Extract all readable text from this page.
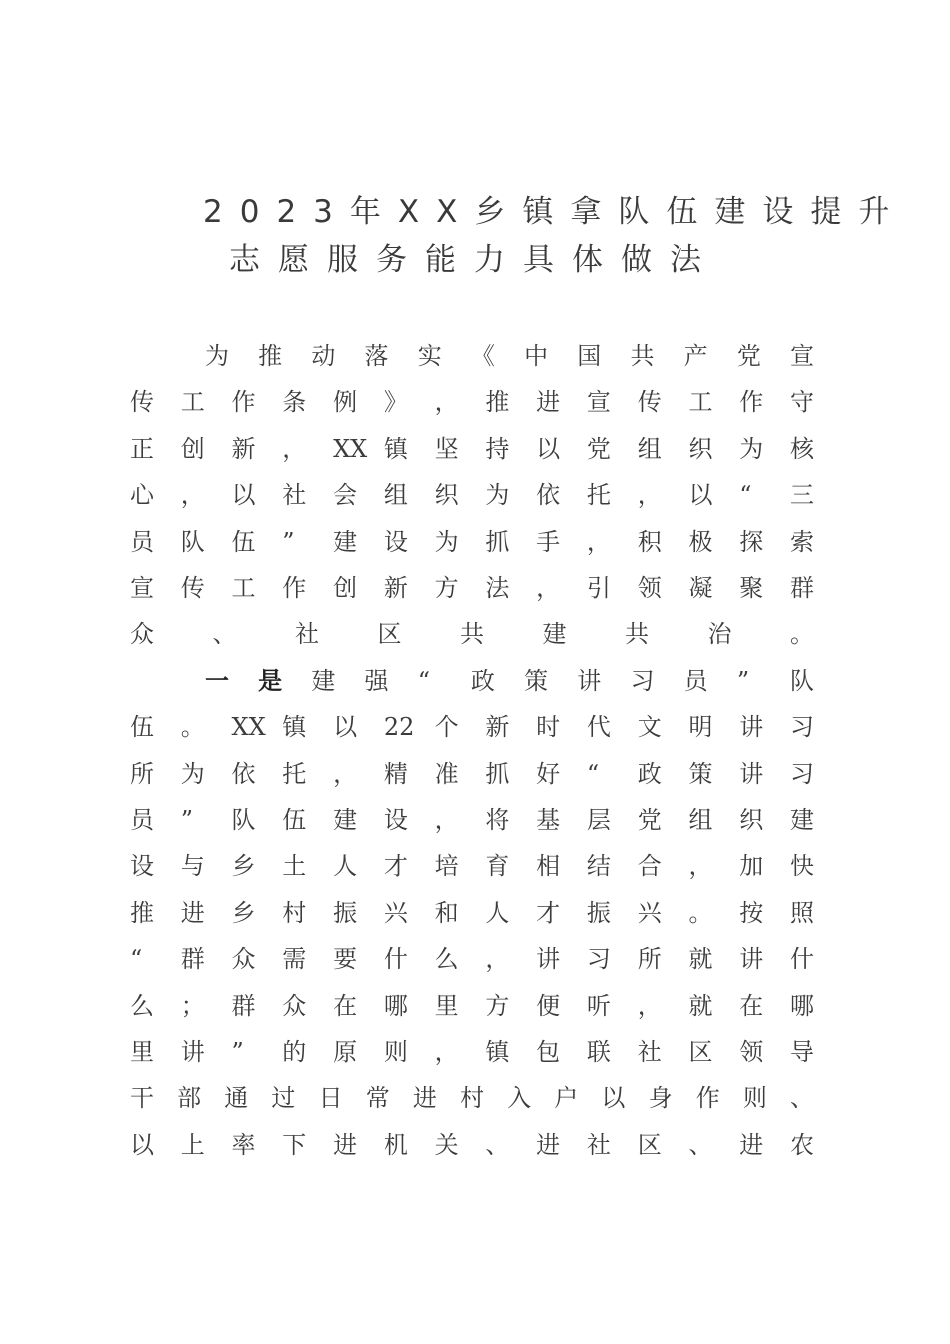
2023年XX乡镇拿队伍建设提升
志愿服务能力具体做法
为 推 动 落 实 《 中 国 共 产 党 宣
传 工 作 条 例 》 ， 推 进 宣 传 工 作 守
正 创 新 ， XX 镇 坚 持 以 党 组 织 为 核
心 ， 以 社 会 组 织 为 依 托 ， 以 “ 三
员 队 伍 ” 建 设 为 抓 手 ， 积 极 探 索
宣 传 工 作 创 新 方 法 ， 引 领 凝 聚 群
众 、 社 区 共 建 共 治 。
一 是 建 强 “ 政 策 讲 习 员 ” 队
伍 。 XX 镇 以 22 个 新 时 代 文 明 讲 习
所 为 依 托 ， 精 准 抓 好 “ 政 策 讲 习
员 ” 队 伍 建 设 ， 将 基 层 党 组 织 建
设 与 乡 土 人 才 培 育 相 结 合 ， 加 快
推 进 乡 村 振 兴 和 人 才 振 兴 。 按 照
“ 群 众 需 要 什 么 ， 讲 习 所 就 讲 什
么 ； 群 众 在 哪 里 方 便 听 ， 就 在 哪
里 讲 ” 的 原 则 ， 镇 包 联 社 区 领 导
干 部 通 过 日 常 进 村 入 户 以 身 作 则 、
以 上 率 下 进 机 关 、 进 社 区 、 进 农
